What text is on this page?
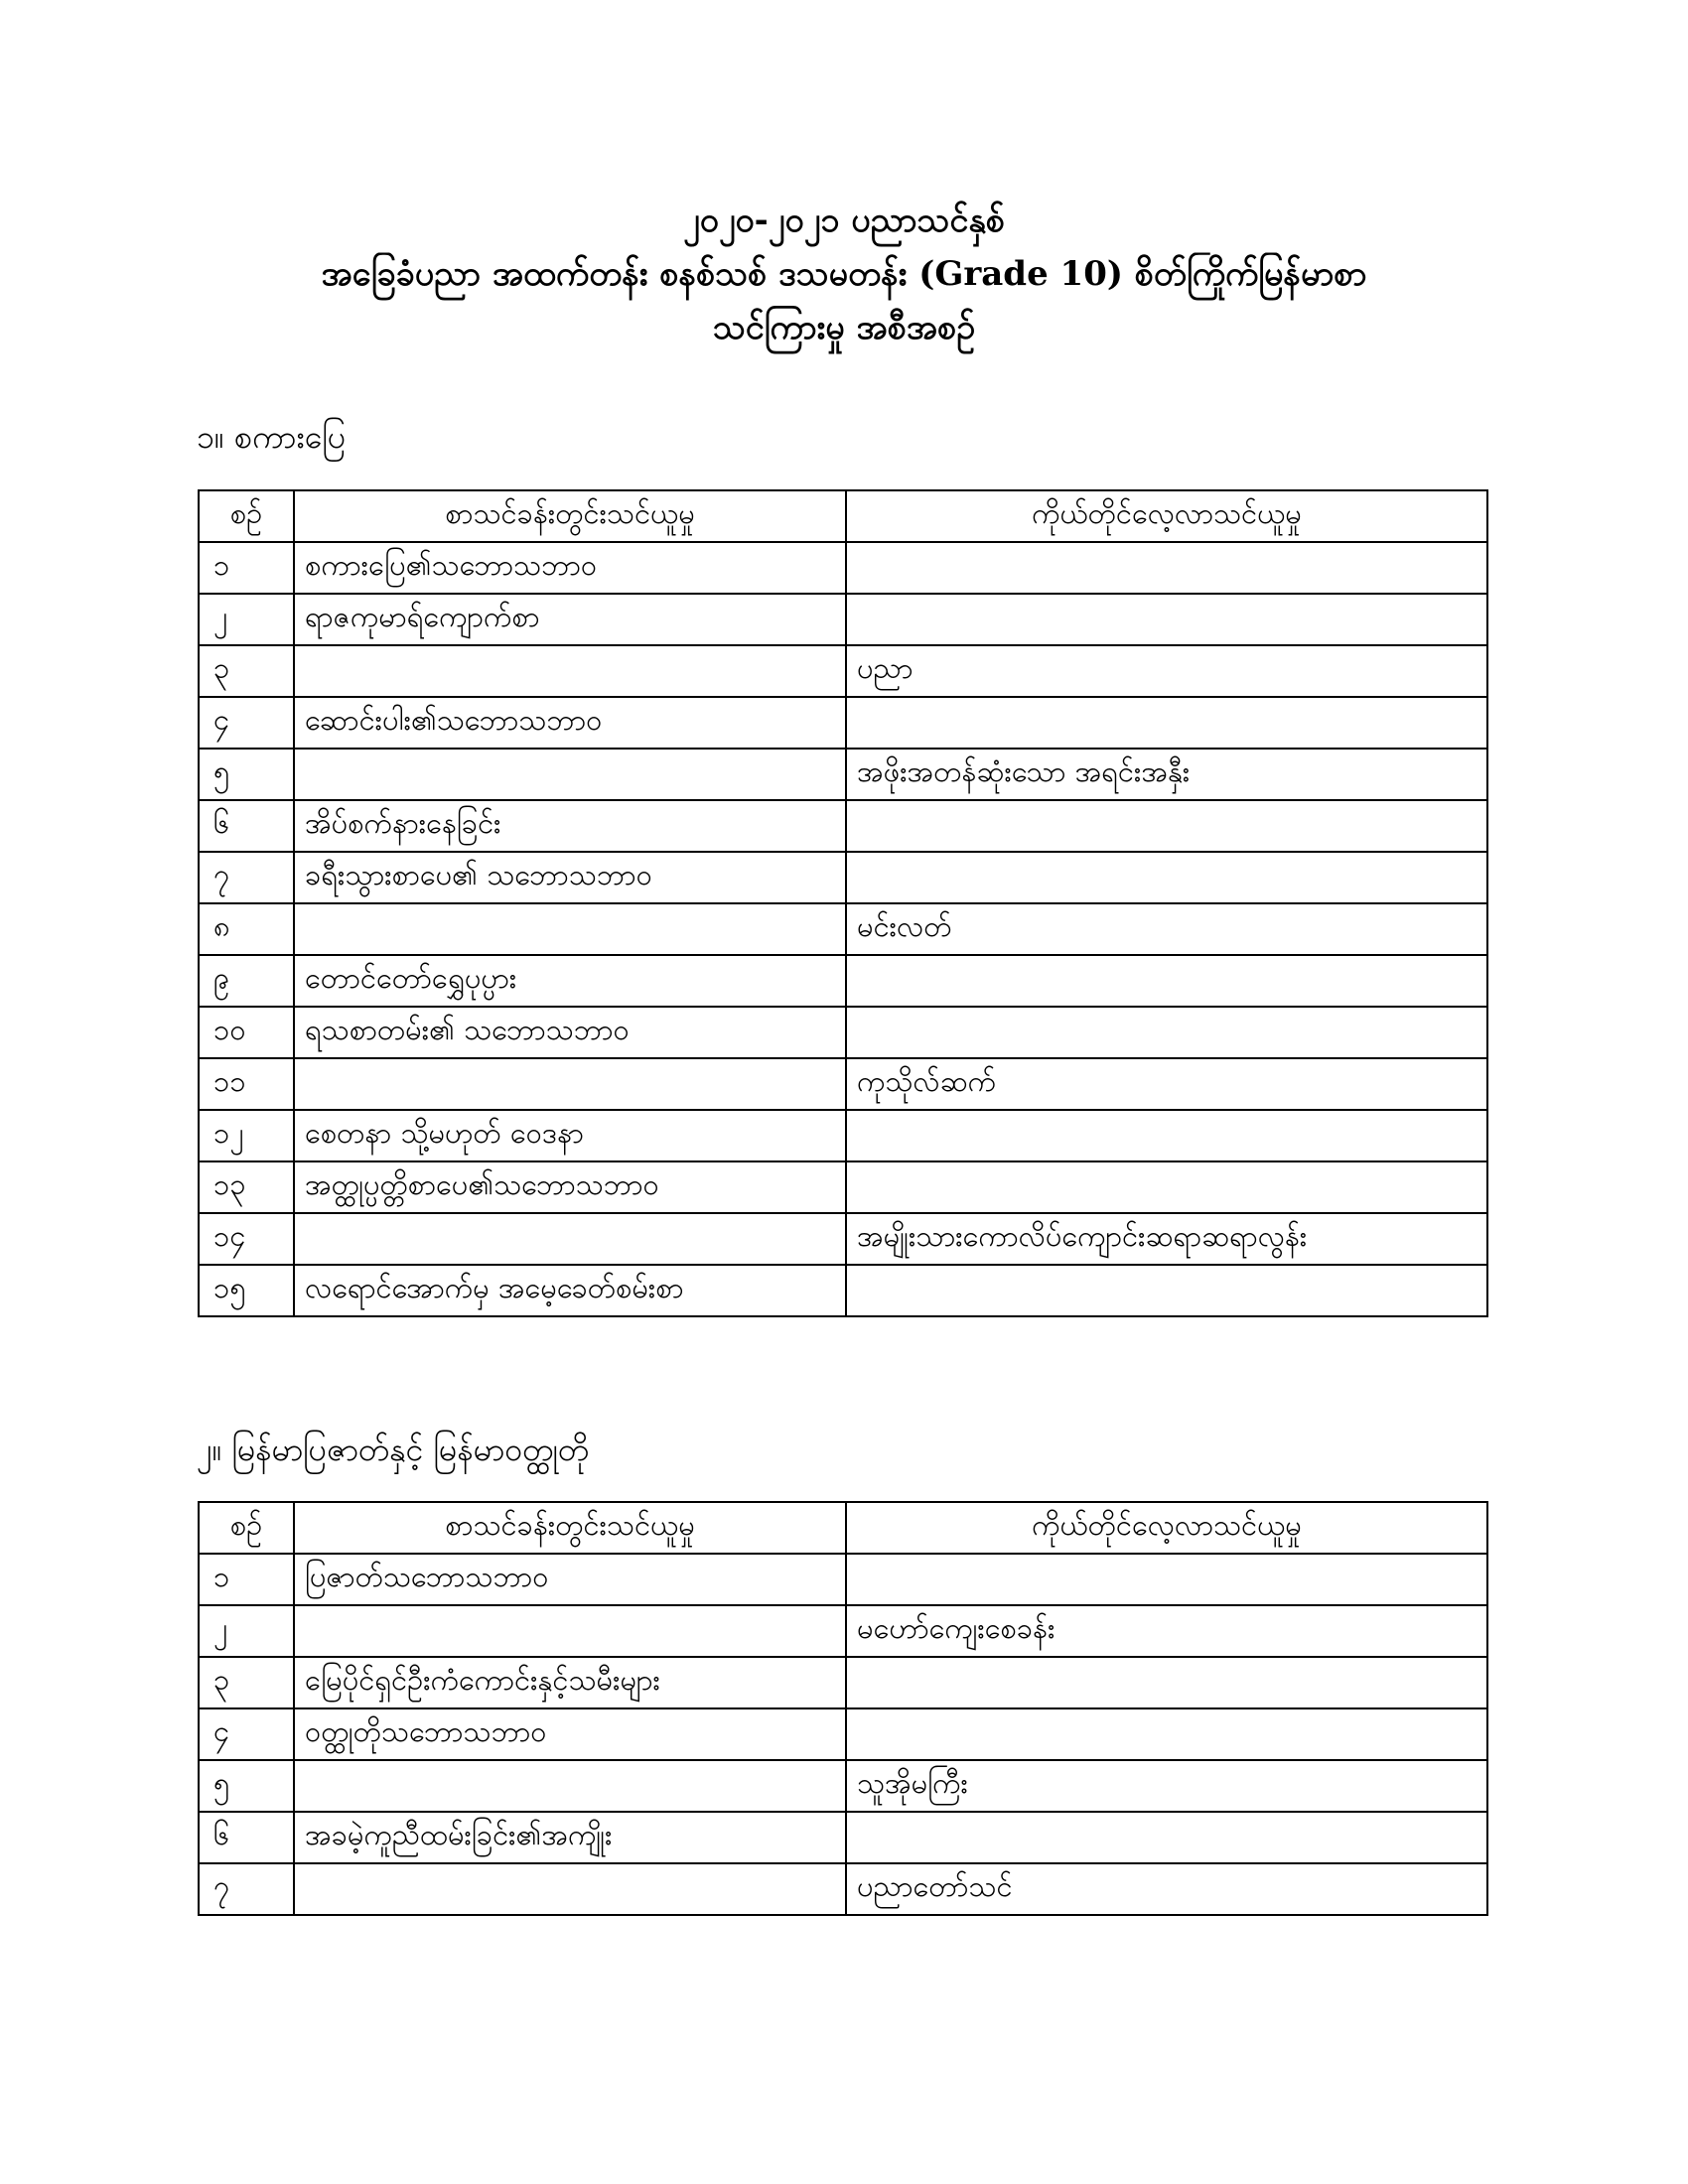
၂၀၂၀-၂၀၂၁ ပညာသင်နှစ်
အခြေခံပညာ အထက်တန်း စနစ်သစ် ဒသမတန်း (Grade 10) စိတ်ကြိုက်မြန်မာစာ
သင်ကြားမှု အစီအစဉ်
၁။ စကားပြေ
စဉ်	စာသင်ခန်းတွင်းသင်ယူမှု	ကိုယ်တိုင်လေ့လာသင်ယူမှု
၁	စကားပြေ၏သဘောသဘာဝ	
၂	ရာဇကုမာရ်ကျောက်စာ	
၃		ပညာ
၄	ဆောင်းပါး၏သဘောသဘာဝ	
၅		အဖိုးအတန်ဆုံးသော အရင်းအနှီး
၆	အိပ်စက်နားနေခြင်း	
၇	ခရီးသွားစာပေ၏ သဘောသဘာဝ	
၈		မင်းလတ်
၉	တောင်တော်ရွှေပုပ္ပား	
၁၀	ရသစာတမ်း၏ သဘောသဘာဝ	
၁၁		ကုသိုလ်ဆက်
၁၂	စေတနာ သို့မဟုတ် ဝေဒနာ	
၁၃	အတ္ထုပ္ပတ္တိစာပေ၏သဘောသဘာဝ	
၁၄		အမျိုးသားကောလိပ်ကျောင်းဆရာဆရာလွန်း
၁၅	လရောင်အောက်မှ အမေ့ခေတ်စမ်းစာ	
၂။ မြန်မာပြဇာတ်နှင့် မြန်မာဝတ္ထုတို
စဉ်	စာသင်ခန်းတွင်းသင်ယူမှု	ကိုယ်တိုင်လေ့လာသင်ယူမှု
၁	ပြဇာတ်သဘောသဘာဝ	
၂		မဟော်ကျေးစေခန်း
၃	မြေပိုင်ရှင်ဦးကံကောင်းနှင့်သမီးများ	
၄	ဝတ္ထုတိုသဘောသဘာဝ	
၅		သူအိုမကြီး
၆	အခမဲ့ကူညီထမ်းခြင်း၏အကျိုး	
၇		ပညာတော်သင်
